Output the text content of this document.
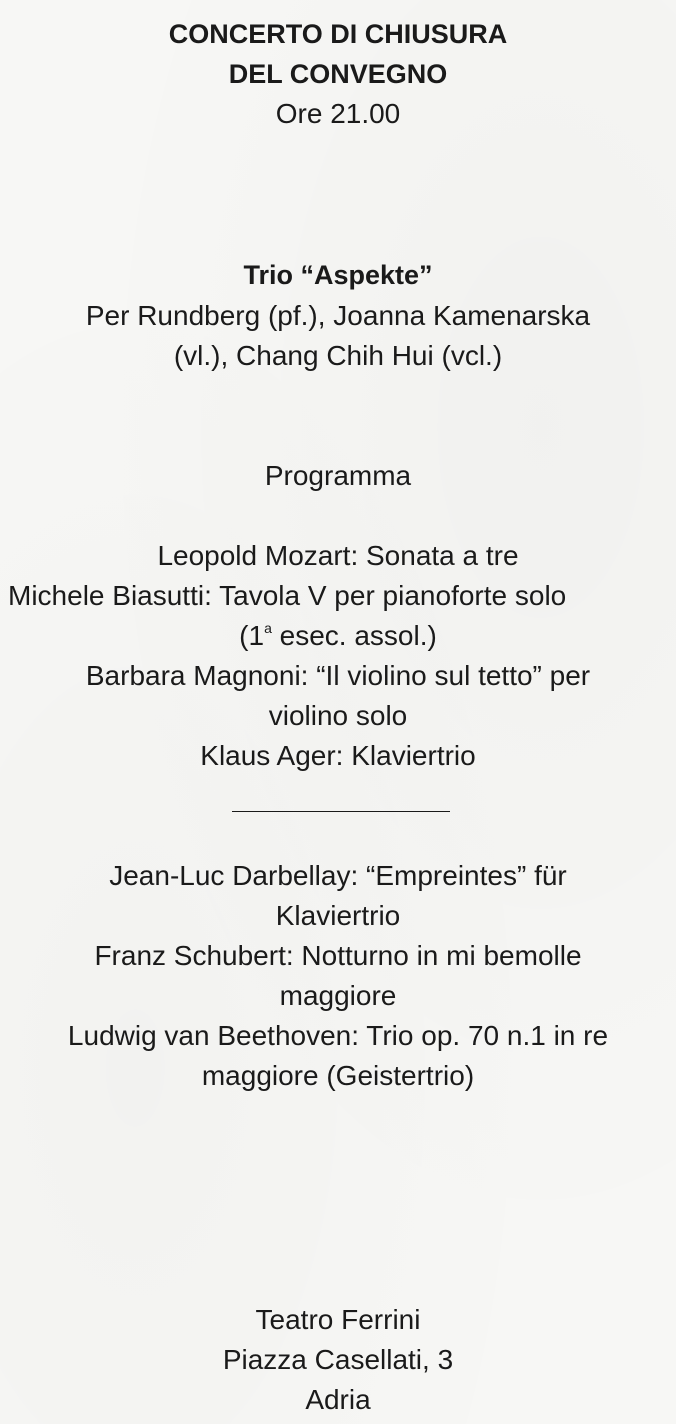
CONCERTO DI CHIUSURA
DEL CONVEGNO
Ore 21.00
Trio “Aspekte”
Per Rundberg (pf.), Joanna Kamenarska
(vl.), Chang Chih Hui (vcl.)
Programma
Leopold Mozart: Sonata a tre
Michele Biasutti: Tavola V per pianoforte solo
(1$^a$ esec. assol.)
Barbara Magnoni: “Il violino sul tetto” per
violino solo
Klaus Ager: Klaviertrio
Jean-Luc Darbellay: “Empreintes” für
Klaviertrio
Franz Schubert: Notturno in mi bemolle
maggiore
Ludwig van Beethoven: Trio op. 70 n.1 in re
maggiore (Geistertrio)
Teatro Ferrini
Piazza Casellati, 3
Adria
